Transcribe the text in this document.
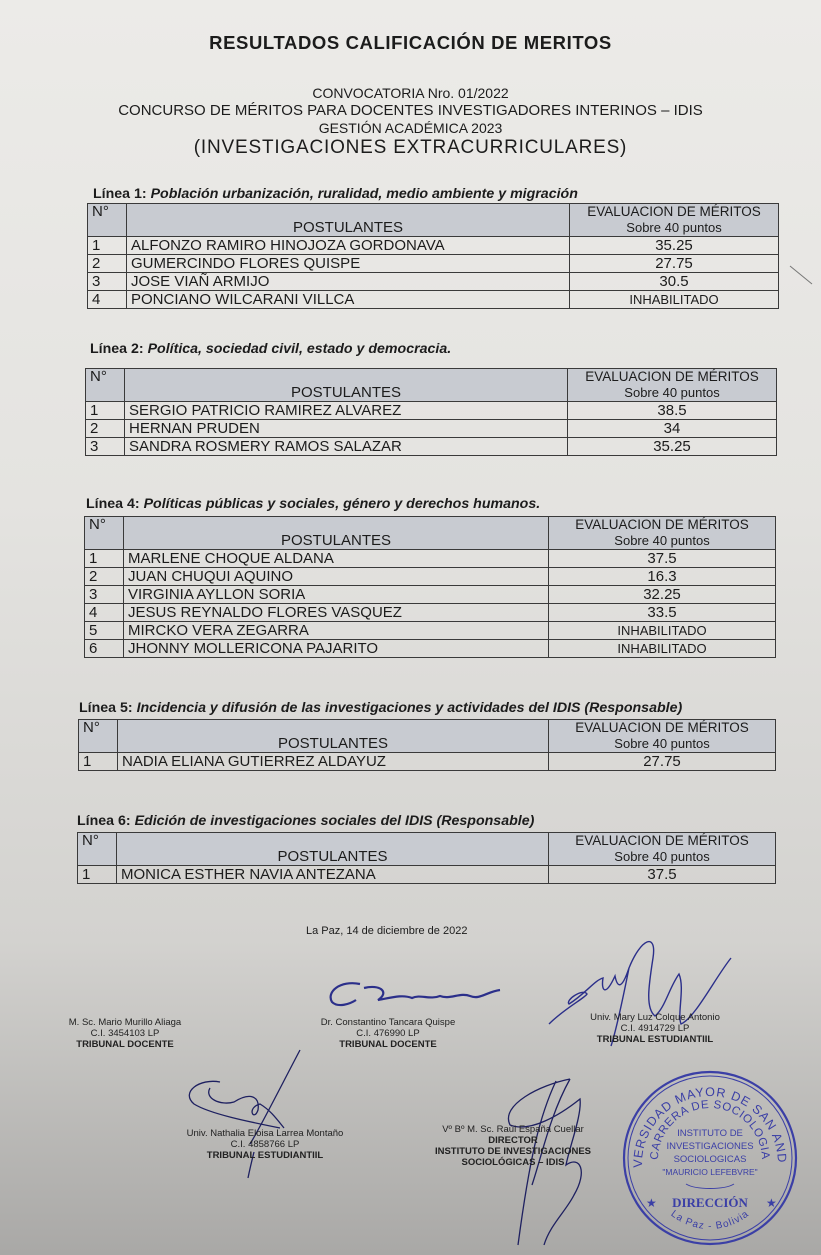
RESULTADOS CALIFICACIÓN DE MERITOS
CONVOCATORIA Nro. 01/2022
CONCURSO DE MÉRITOS PARA DOCENTES INVESTIGADORES INTERINOS – IDIS
GESTIÓN ACADÉMICA 2023
(INVESTIGACIONES EXTRACURRICULARES)
Línea 1: Población urbanización, ruralidad, medio ambiente y migración
N°	POSTULANTES	EVALUACION DE MÉRITOS
Sobre 40 puntos

1	ALFONZO RAMIRO HINOJOZA GORDONAVA	35.25
2	GUMERCINDO FLORES QUISPE	27.75
3	JOSE VIAÑ ARMIJO	30.5
4	PONCIANO WILCARANI VILLCA	INHABILITADO
Línea 2: Política, sociedad civil, estado y democracia.
N°	POSTULANTES	EVALUACION DE MÉRITOS
Sobre 40 puntos

1	SERGIO PATRICIO RAMIREZ ALVAREZ	38.5
2	HERNAN PRUDEN	34
3	SANDRA ROSMERY RAMOS SALAZAR	35.25
Línea 4: Políticas públicas y sociales, género y derechos humanos.
N°	POSTULANTES	EVALUACION DE MÉRITOS
Sobre 40 puntos

1	MARLENE CHOQUE ALDANA	37.5
2	JUAN CHUQUI AQUINO	16.3
3	VIRGINIA AYLLON SORIA	32.25
4	JESUS REYNALDO FLORES VASQUEZ	33.5
5	MIRCKO VERA ZEGARRA	INHABILITADO
6	JHONNY MOLLERICONA PAJARITO	INHABILITADO
Línea 5: Incidencia y difusión de las investigaciones y actividades del IDIS (Responsable)
N°	POSTULANTES	EVALUACION DE MÉRITOS
Sobre 40 puntos

1	NADIA ELIANA GUTIERREZ ALDAYUZ	27.75
Línea 6: Edición de investigaciones sociales del IDIS (Responsable)
N°	POSTULANTES	EVALUACION DE MÉRITOS
Sobre 40 puntos

1	MONICA ESTHER NAVIA ANTEZANA	37.5
La Paz, 14 de diciembre de 2022
M. Sc. Mario Murillo Aliaga
C.I. 3454103 LP
TRIBUNAL DOCENTE
Dr. Constantino Tancara Quispe
C.I. 476990 LP
TRIBUNAL DOCENTE
Univ. Mary Luz Colque Antonio
C.I. 4914729 LP
TRIBUNAL ESTUDIANTIIL
Univ. Nathalia Eloisa Larrea Montaño
C.I. 4858766 LP
TRIBUNAL ESTUDIANTIIL
Vº Bº M. Sc. Raúl España Cuellar
DIRECTOR
INSTITUTO DE INVESTIGACIONES
SOCIOLÓGICAS – IDIS	VERSIDAD MAYOR DE SAN AND
CARRERA DE SOCIOLOGIA
INSTITUTO DE
INVESTIGACIONES
SOCIOLOGICAS
"MAURICIO LEFEBVRE"
DIRECCIÓN
★	★
La Paz - Bolivia
